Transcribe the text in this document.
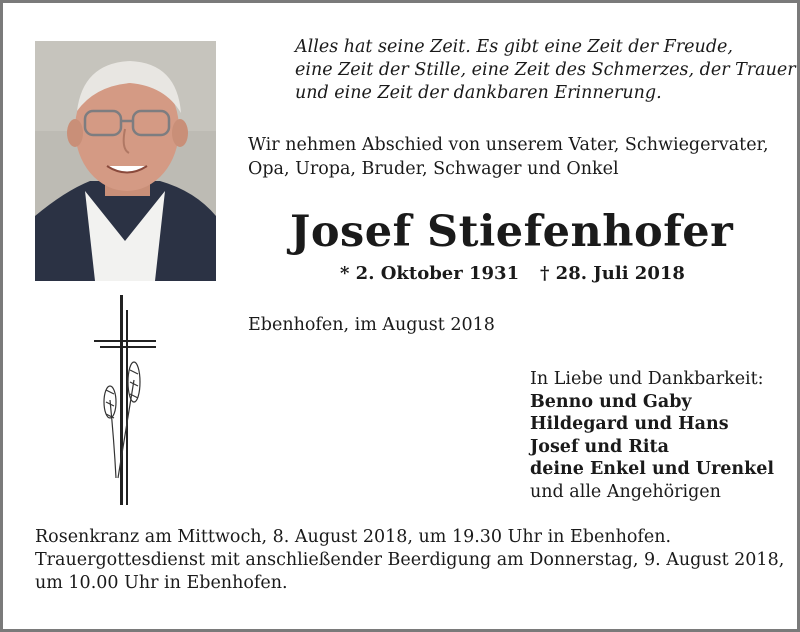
Alles hat seine Zeit. Es gibt eine Zeit der Freude,
eine Zeit der Stille, eine Zeit des Schmerzes, der Trauer
und eine Zeit der dankbaren Erinnerung.
Wir nehmen Abschied von unserem Vater, Schwiegervater,
Opa, Uropa, Bruder, Schwager und Onkel
Josef Stiefenhofer
* 2. Oktober 1931 † 28. Juli 2018
Ebenhofen, im August 2018
In Liebe und Dankbarkeit:
Benno und Gaby
Hildegard und Hans
Josef und Rita
deine Enkel und Urenkel
und alle Angehörigen
Rosenkranz am Mittwoch, 8. August 2018, um 19.30 Uhr in Ebenhofen.
Trauergottesdienst mit anschließender Beerdigung am Donnerstag, 9. August 2018,
um 10.00 Uhr in Ebenhofen.
